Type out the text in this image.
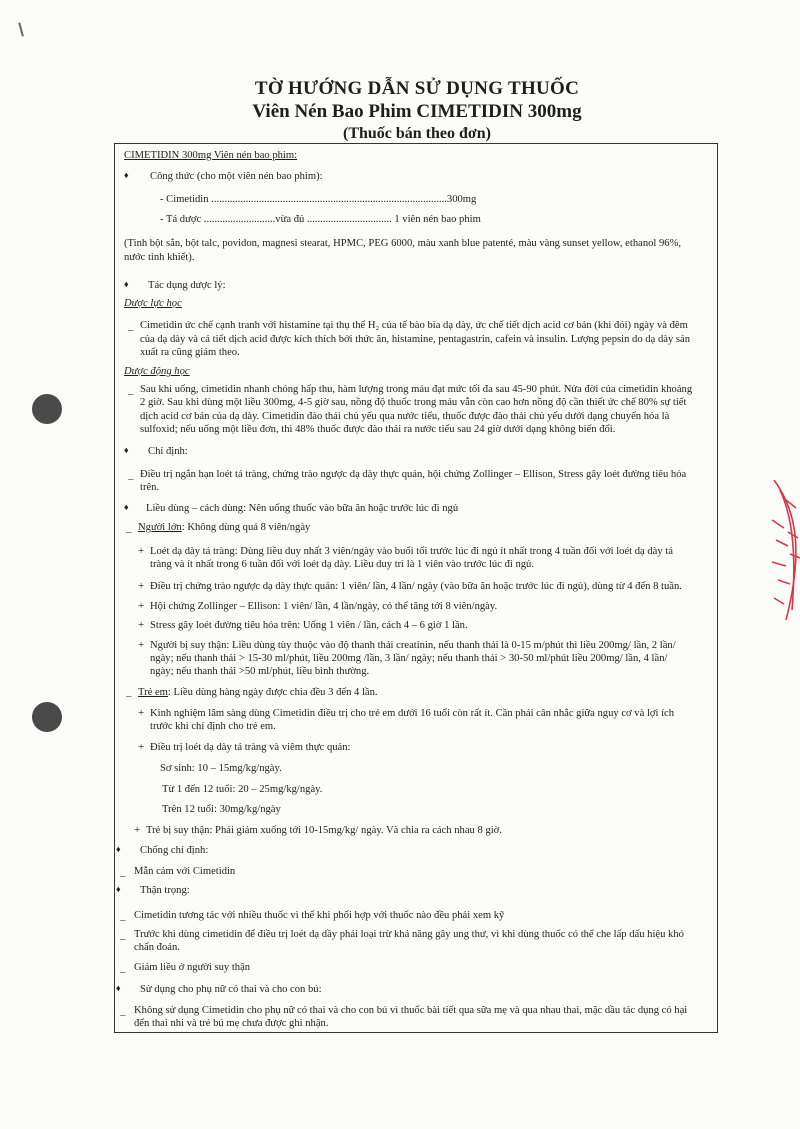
TỜ HƯỚNG DẪN SỬ DỤNG THUỐC
Viên Nén Bao Phim CIMETIDIN 300mg
(Thuốc bán theo đơn)
CIMETIDIN 300mg Viên nén bao phim:
♦ Công thức (cho một viên nén bao phim):
- Cimetidin .........................................................................................300mg
- Tá dược ...........................vừa đủ ................................ 1 viên nén bao phim
(Tinh bột sắn, bột talc, povidon, magnesi stearat, HPMC, PEG 6000, màu xanh blue patenté, màu vàng sunset yellow, ethanol 96%,
nước tinh khiết).
♦ Tác dụng dược lý:
Dược lực học
_ Cimetidin ức chế cạnh tranh với histamine tại thụ thể H₂ của tế bào bìa dạ dày, ức chế tiết dịch acid cơ bản (khi đói) ngày và đêm
của dạ dày và cả tiết dịch acid được kích thích bởi thức ăn, histamine, pentagastrin, cafein và insulin. Lượng pepsin do dạ dày sản
xuất ra cũng giảm theo.
Dược động học
_ Sau khi uống, cimetidin nhanh chóng hấp thu, hàm lượng trong máu đạt mức tối đa sau 45-90 phút. Nửa đời của cimetidin khoảng
2 giờ. Sau khi dùng một liều 300mg, 4-5 giờ sau, nồng độ thuốc trong máu vẫn còn cao hơn nồng độ cần thiết ức chế 80% sự tiết
dịch acid cơ bản của dạ dày. Cimetidin đào thải chủ yếu qua nước tiểu, thuốc được đào thải chủ yếu dưới dạng chuyển hóa là
sulfoxid; nếu uống một liều đơn, thì 48% thuốc được đào thải ra nước tiểu sau 24 giờ dưới dạng không biến đổi.
♦ Chỉ định:
_ Điều trị ngắn hạn loét tá tràng, chứng trào ngược dạ dày thực quản, hội chứng Zollinger – Ellison, Stress gây loét đường tiêu hóa
trên.
♦ Liều dùng – cách dùng: Nên uống thuốc vào bữa ăn hoặc trước lúc đi ngủ
_ Người lớn: Không dùng quá 8 viên/ngày
+ Loét dạ dày tá tràng: Dùng liều duy nhất 3 viên/ngày vào buổi tối trước lúc đi ngủ ít nhất trong 4 tuần đối với loét dạ dày tá
tràng và ít nhất trong 6 tuần đối với loét dạ dày. Liều duy trì là 1 viên vào trước lúc đi ngủ.
+ Điều trị chứng trào ngược dạ dày thực quản: 1 viên/ lần, 4 lần/ ngày (vào bữa ăn hoặc trước lúc đi ngủ), dùng từ 4 đến 8 tuần.
+ Hội chứng Zollinger – Ellison: 1 viên/ lần, 4 lần/ngày, có thể tăng tới 8 viên/ngày.
+ Stress gây loét đường tiêu hóa trên: Uống 1 viên / lần, cách 4 – 6 giờ 1 lần.
+ Người bị suy thận: Liều dùng tùy thuộc vào độ thanh thải creatinin, nếu thanh thải là 0-15 m/phút thì liều 200mg/ lần, 2 lần/
ngày; nếu thanh thải > 15-30 ml/phút, liều 200mg /lần, 3 lần/ ngày; nếu thanh thải > 30-50 ml/phút liều 200mg/ lần, 4 lần/
ngày; nếu thanh thải >50 ml/phút, liều bình thường.
_ Trẻ em: Liều dùng hàng ngày được chia đều 3 đến 4 lần.
+ Kinh nghiệm lâm sàng dùng Cimetidin điều trị cho trẻ em dưới 16 tuổi còn rất ít. Cần phải cân nhắc giữa nguy cơ và lợi ích
trước khi chỉ định cho trẻ em.
+ Điều trị loét dạ dày tá tràng và viêm thực quản:
Sơ sinh: 10 – 15mg/kg/ngày.
Từ 1 đến 12 tuổi: 20 – 25mg/kg/ngày.
Trên 12 tuổi: 30mg/kg/ngày
+ Trẻ bị suy thận: Phải giảm xuống tới 10-15mg/kg/ ngày. Và chia ra cách nhau 8 giờ.
♦ Chống chỉ định:
_ Mẫn cảm với Cimetidin
♦ Thận trọng:
_ Cimetidin tương tác với nhiều thuốc vì thế khi phối hợp với thuốc nào đều phải xem kỹ
_ Trước khi dùng cimetidin để điều trị loét dạ dầy phải loại trừ khả năng gây ung thư, vì khi dùng thuốc có thể che lấp dấu hiệu khó
chẩn đoán.
_ Giảm liều ở người suy thận
♦ Sử dụng cho phụ nữ có thai và cho con bú:
_ Không sử dụng Cimetidin cho phụ nữ có thai và cho con bú vì thuốc bài tiết qua sữa mẹ và qua nhau thai, mặc dầu tác dụng có hại
đến thai nhi và trẻ bú mẹ chưa được ghi nhận.
